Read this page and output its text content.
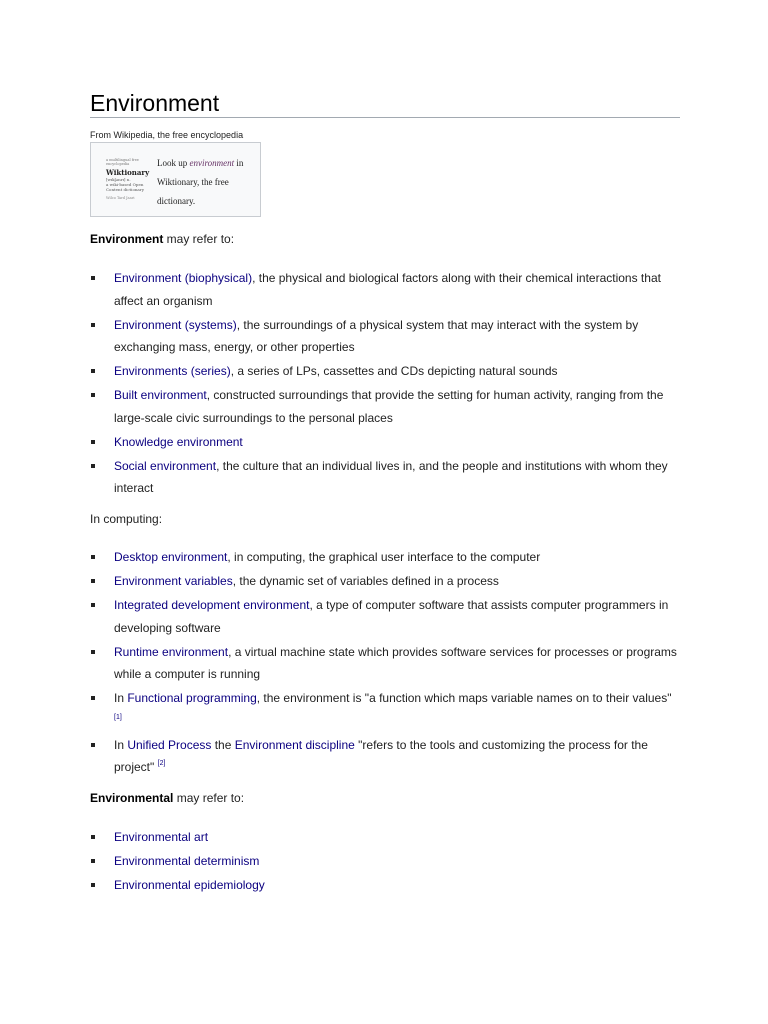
Environment
From Wikipedia, the free encyclopedia
a multilingual free
encyclopedia
Wiktionary
[wɪkʃənrɪ] n.
a wiki-based Open
Content dictionary
Wilco Tard Jaari
Look up environment in Wiktionary, the free dictionary.

Environment may refer to:

Environment (biophysical), the physical and biological factors along with their chemical interactions that affect an organism
Environment (systems), the surroundings of a physical system that may interact with the system by exchanging mass, energy, or other properties
Environments (series), a series of LPs, cassettes and CDs depicting natural sounds
Built environment, constructed surroundings that provide the setting for human activity, ranging from the large-scale civic surroundings to the personal places
Knowledge environment
Social environment, the culture that an individual lives in, and the people and institutions with whom they interact

In computing:

Desktop environment, in computing, the graphical user interface to the computer
Environment variables, the dynamic set of variables defined in a process
Integrated development environment, a type of computer software that assists computer programmers in developing software
Runtime environment, a virtual machine state which provides software services for processes or programs while a computer is running
In Functional programming, the environment is "a function which maps variable names on to their values" [1]
In Unified Process the Environment discipline "refers to the tools and customizing the process for the project" [2]

Environmental may refer to:

Environmental art
Environmental determinism
Environmental epidemiology
